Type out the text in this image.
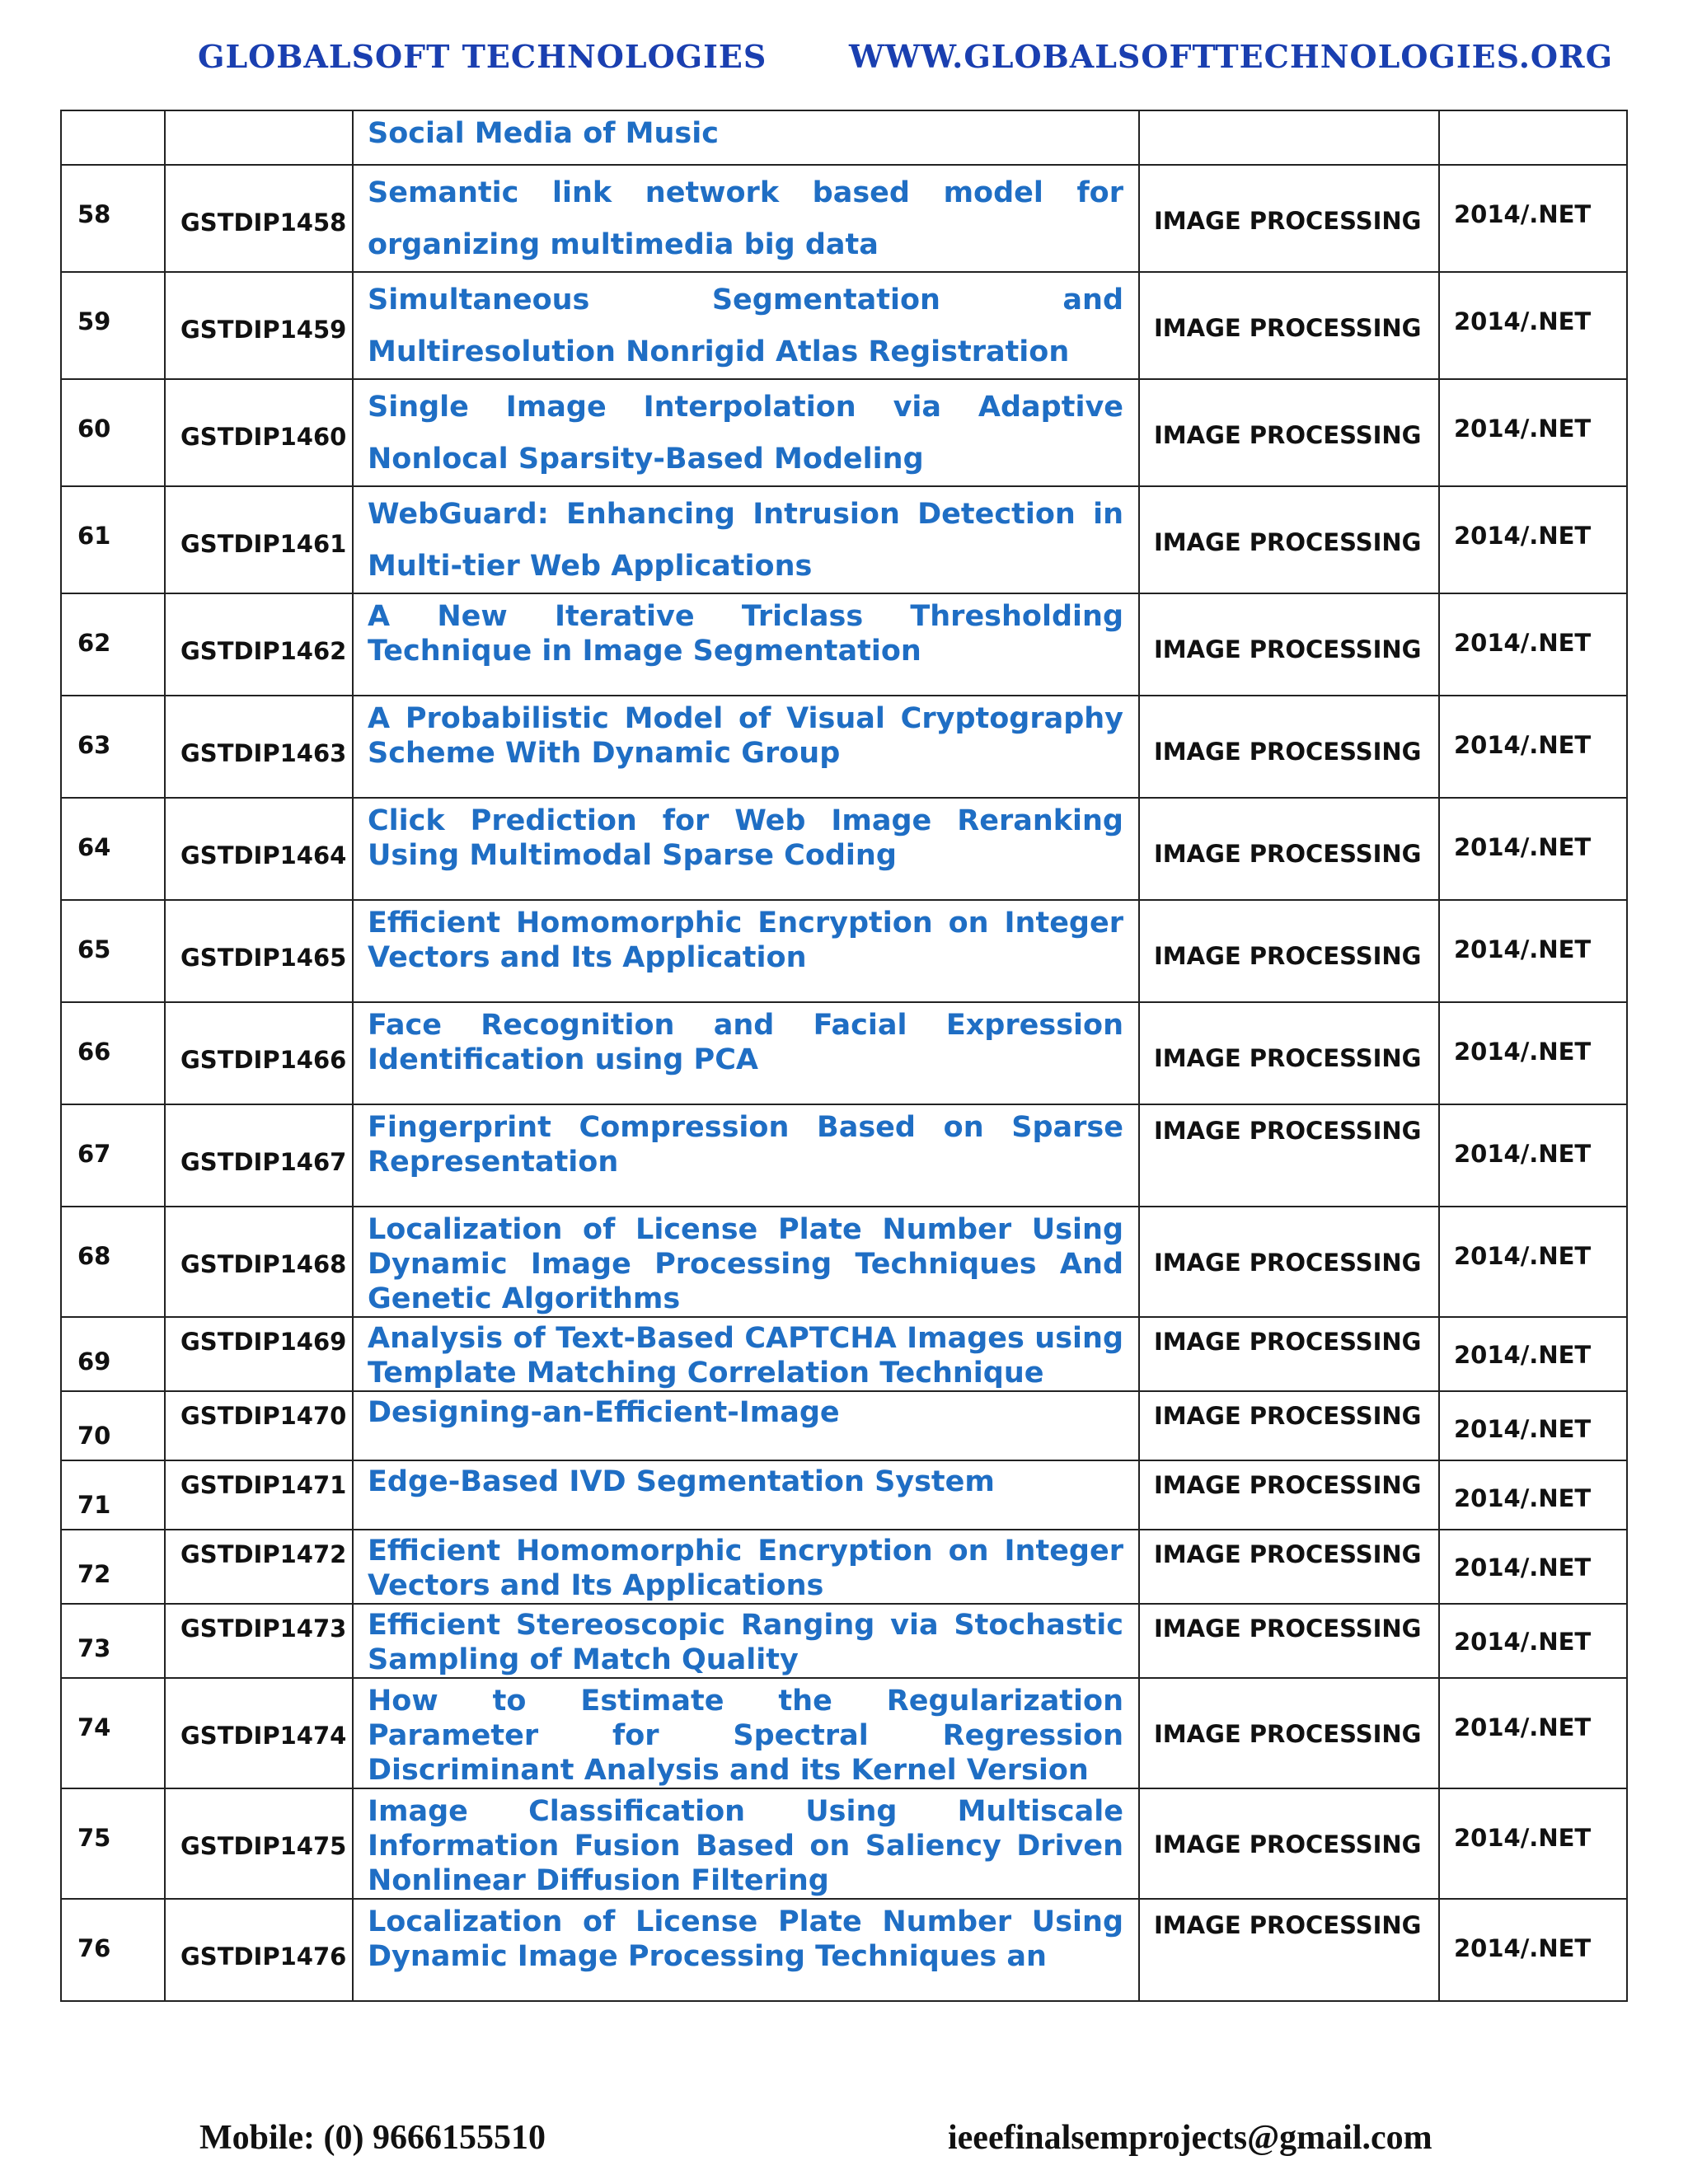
GLOBALSOFT TECHNOLOGIES	WWW.GLOBALSOFTTECHNOLOGIES.ORG

		Social Media of Music		

58	GSTDIP1458	Semantic link network based model for organizing multimedia big data	IMAGE PROCESSING	2014/.NET

59	GSTDIP1459	Simultaneous Segmentation and Multiresolution Nonrigid Atlas Registration	IMAGE PROCESSING	2014/.NET

60	GSTDIP1460	Single Image Interpolation via Adaptive Nonlocal Sparsity-Based Modeling	IMAGE PROCESSING	2014/.NET

61	GSTDIP1461	WebGuard: Enhancing Intrusion Detection in Multi-tier Web Applications	IMAGE PROCESSING	2014/.NET

62	GSTDIP1462	A New Iterative Triclass Thresholding Technique in Image Segmentation	IMAGE PROCESSING	2014/.NET

63	GSTDIP1463	A Probabilistic Model of Visual Cryptography Scheme With Dynamic Group	IMAGE PROCESSING	2014/.NET

64	GSTDIP1464	Click Prediction for Web Image Reranking Using Multimodal Sparse Coding	IMAGE PROCESSING	2014/.NET

65	GSTDIP1465	Efficient Homomorphic Encryption on Integer Vectors and Its Application	IMAGE PROCESSING	2014/.NET

66	GSTDIP1466	Face Recognition and Facial Expression Identification using PCA	IMAGE PROCESSING	2014/.NET

67	GSTDIP1467	Fingerprint Compression Based on Sparse Representation	IMAGE PROCESSING	2014/.NET

68	GSTDIP1468	Localization of License Plate Number Using Dynamic Image Processing Techniques And Genetic Algorithms	IMAGE PROCESSING	2014/.NET

69	GSTDIP1469	Analysis of Text-Based CAPTCHA Images using Template Matching Correlation Technique	IMAGE PROCESSING	2014/.NET

70	GSTDIP1470	Designing-an-Efficient-Image	IMAGE PROCESSING	2014/.NET

71	GSTDIP1471	Edge-Based IVD Segmentation System	IMAGE PROCESSING	2014/.NET

72	GSTDIP1472	Efficient Homomorphic Encryption on Integer Vectors and Its Applications	IMAGE PROCESSING	2014/.NET

73	GSTDIP1473	Efficient Stereoscopic Ranging via Stochastic Sampling of Match Quality	IMAGE PROCESSING	2014/.NET

74	GSTDIP1474	How to Estimate the Regularization Parameter for Spectral Regression Discriminant Analysis and its Kernel Version	IMAGE PROCESSING	2014/.NET

75	GSTDIP1475	Image Classification Using Multiscale Information Fusion Based on Saliency Driven Nonlinear Diffusion Filtering	IMAGE PROCESSING	2014/.NET

76	GSTDIP1476	Localization of License Plate Number Using Dynamic Image Processing Techniques an	IMAGE PROCESSING	2014/.NET
Mobile: (0) 9666155510	ieeefinalsemprojects@gmail.com
